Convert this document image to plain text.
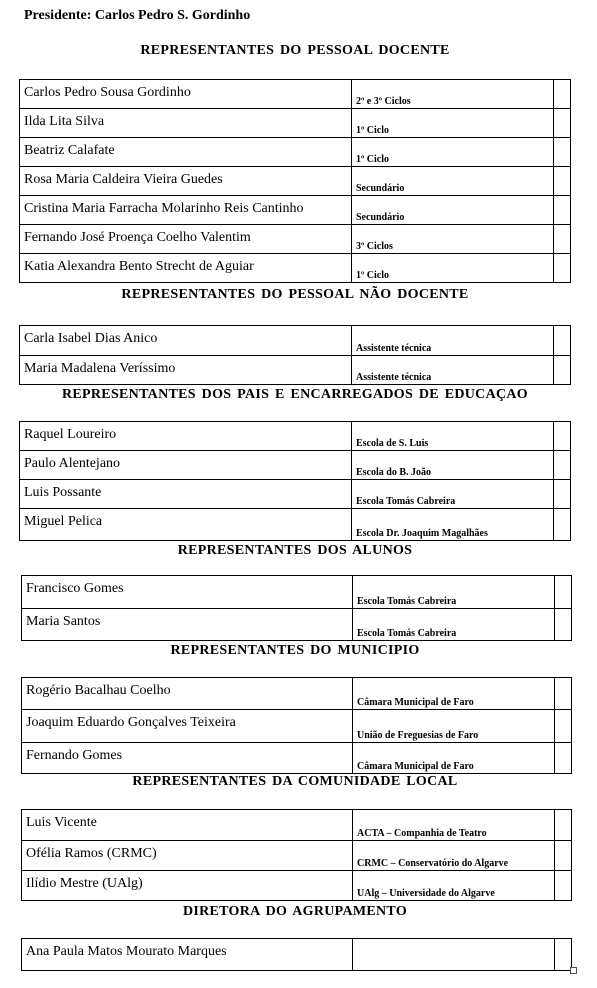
Presidente: Carlos Pedro S. Gordinho
REPRESENTANTES DO PESSOAL DOCENTE
Carlos Pedro Sousa Gordinho	2º e 3º Ciclos	

Ilda Lita Silva	1º Ciclo	

Beatriz Calafate	1º Ciclo	

Rosa Maria Caldeira Vieira Guedes	Secundário	

Cristina Maria Farracha Molarinho Reis Cantinho	Secundário	

Fernando José Proença Coelho Valentim	3º Ciclos	

Katia Alexandra Bento Strecht de Aguiar	1º Ciclo	

REPRESENTANTES DO PESSOAL NÃO DOCENTE
Carla Isabel Dias Anico	Assistente técnica	

Maria Madalena Veríssimo	Assistente técnica	

REPRESENTANTES DOS PAIS E ENCARREGADOS DE EDUCAÇAO
Raquel Loureiro	Escola de S. Luis	

Paulo Alentejano	Escola do B. João	

Luis Possante	Escola Tomás Cabreira	

Miguel Pelica	Escola Dr. Joaquim Magalhães	

REPRESENTANTES DOS ALUNOS
Francisco Gomes	Escola Tomás Cabreira	

Maria Santos	Escola Tomás Cabreira	

REPRESENTANTES DO MUNICIPIO
Rogério Bacalhau Coelho	Câmara Municipal de Faro	

Joaquim Eduardo Gonçalves Teixeira	União de Freguesias de Faro	

Fernando Gomes	Câmara Municipal de Faro	

REPRESENTANTES DA COMUNIDADE LOCAL
Luis Vicente	ACTA – Companhia de Teatro	

Ofélia Ramos (CRMC)	CRMC – Conservatório do Algarve	

Ilídio Mestre (UAlg)	UAlg – Universidade do Algarve	

DIRETORA DO AGRUPAMENTO
Ana Paula Matos Mourato Marques
